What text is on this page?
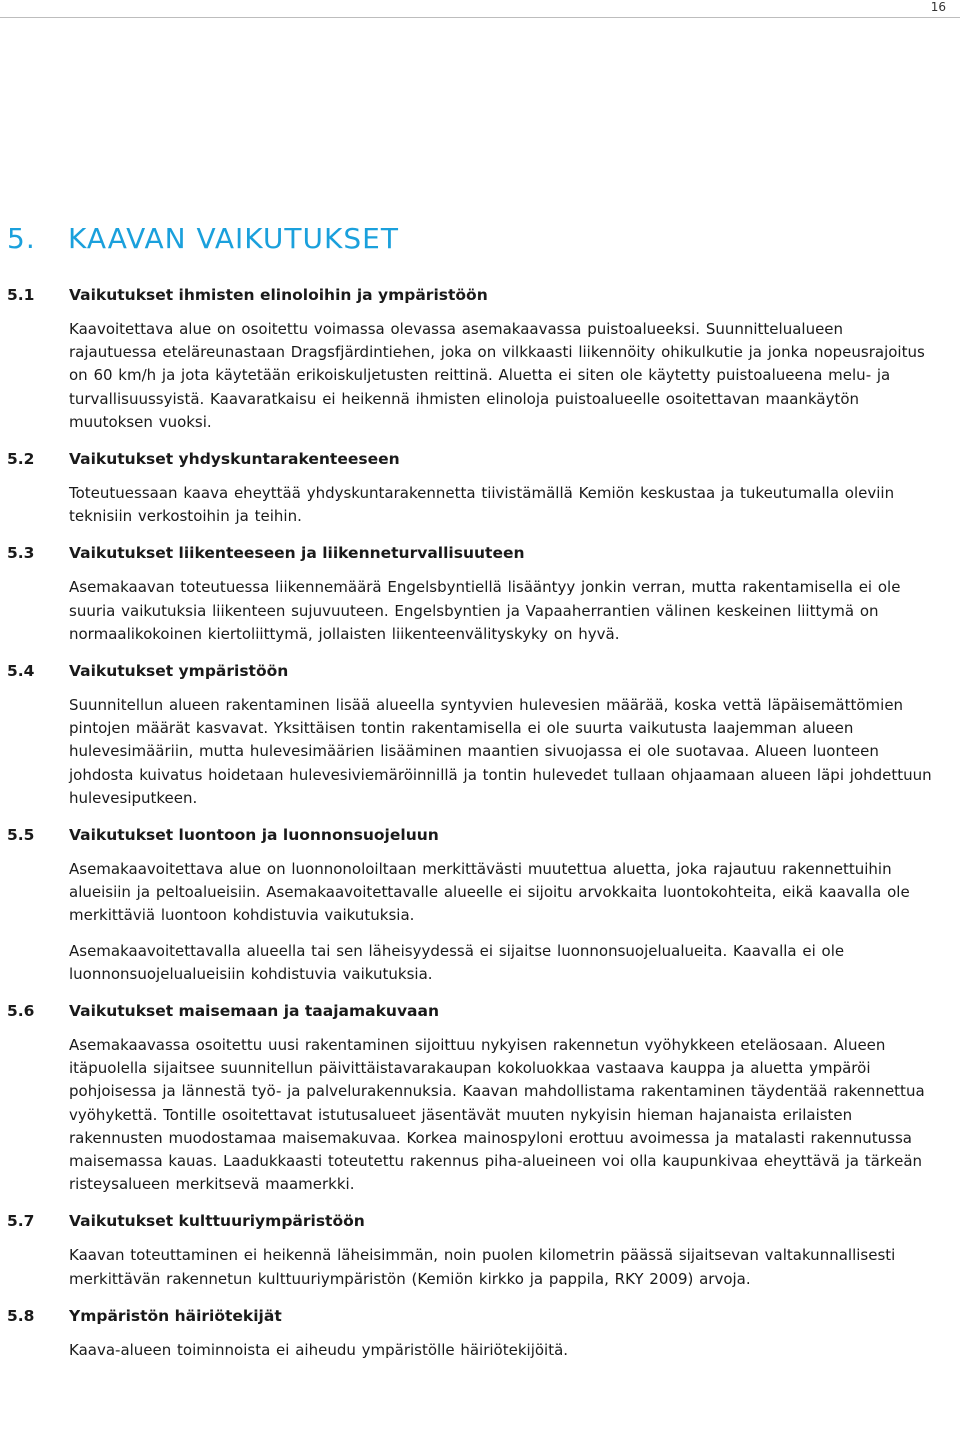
16
5. KAAVAN VAIKUTUKSET
5.1 Vaikutukset ihmisten elinoloihin ja ympäristöön

Kaavoitettava alue on osoitettu voimassa olevassa asemakaavassa puistoalueeksi. Suunnittelualueen rajautuessa eteläreunastaan Dragsfjärdintiehen, joka on vilkkaasti liikennöity ohikulkutie ja jonka nopeusrajoitus on 60 km/h ja jota käytetään erikoiskuljetusten reittinä. Aluetta ei siten ole käytetty puistoalueena melu- ja turvallisuussyistä. Kaavaratkaisu ei heikennä ihmisten elinoloja puistoalueelle osoitettavan maankäytön muutoksen vuoksi.

5.2 Vaikutukset yhdyskuntarakenteeseen

Toteutuessaan kaava eheyttää yhdyskuntarakennetta tiivistämällä Kemiön keskustaa ja tukeutumalla oleviin teknisiin verkostoihin ja teihin.

5.3 Vaikutukset liikenteeseen ja liikenneturvallisuuteen

Asemakaavan toteutuessa liikennemäärä Engelsbyntiellä lisääntyy jonkin verran, mutta rakentamisella ei ole suuria vaikutuksia liikenteen sujuvuuteen. Engelsbyntien ja Vapaaherrantien välinen keskeinen liittymä on normaalikokoinen kiertoliittymä, jollaisten liikenteenvälityskyky on hyvä.

5.4 Vaikutukset ympäristöön

Suunnitellun alueen rakentaminen lisää alueella syntyvien hulevesien määrää, koska vettä läpäisemättömien pintojen määrät kasvavat. Yksittäisen tontin rakentamisella ei ole suurta vaikutusta laajemman alueen hulevesimääriin, mutta hulevesimäärien lisääminen maantien sivuojassa ei ole suotavaa. Alueen luonteen johdosta kuivatus hoidetaan hulevesiviemäröinnillä ja tontin hulevedet tullaan ohjaamaan alueen läpi johdettuun hulevesiputkeen.

5.5 Vaikutukset luontoon ja luonnonsuojeluun

Asemakaavoitettava alue on luonnonoloiltaan merkittävästi muutettua aluetta, joka rajautuu rakennettuihin alueisiin ja peltoalueisiin. Asemakaavoitettavalle alueelle ei sijoitu arvokkaita luontokohteita, eikä kaavalla ole merkittäviä luontoon kohdistuvia vaikutuksia.

Asemakaavoitettavalla alueella tai sen läheisyydessä ei sijaitse luonnonsuojelualueita. Kaavalla ei ole luonnonsuojelualueisiin kohdistuvia vaikutuksia.

5.6 Vaikutukset maisemaan ja taajamakuvaan

Asemakaavassa osoitettu uusi rakentaminen sijoittuu nykyisen rakennetun vyöhykkeen eteläosaan. Alueen itäpuolella sijaitsee suunnitellun päivittäistavarakaupan kokoluokkaa vastaava kauppa ja aluetta ympäröi pohjoisessa ja lännestä työ- ja palvelurakennuksia. Kaavan mahdollistama rakentaminen täydentää rakennettua vyöhykettä. Tontille osoitettavat istutusalueet jäsentävät muuten nykyisin hieman hajanaista erilaisten rakennusten muodostamaa maisemakuvaa. Korkea mainospyloni erottuu avoimessa ja matalasti rakennutussa maisemassa kauas. Laadukkaasti toteutettu rakennus piha-alueineen voi olla kaupunkivaa eheyttävä ja tärkeän risteysalueen merkitsevä maamerkki.

5.7 Vaikutukset kulttuuriympäristöön

Kaavan toteuttaminen ei heikennä läheisimmän, noin puolen kilometrin päässä sijaitsevan valtakunnallisesti merkittävän rakennetun kulttuuriympäristön (Kemiön kirkko ja pappila, RKY 2009) arvoja.

5.8 Ympäristön häiriötekijät

Kaava-alueen toiminnoista ei aiheudu ympäristölle häiriötekijöitä.
